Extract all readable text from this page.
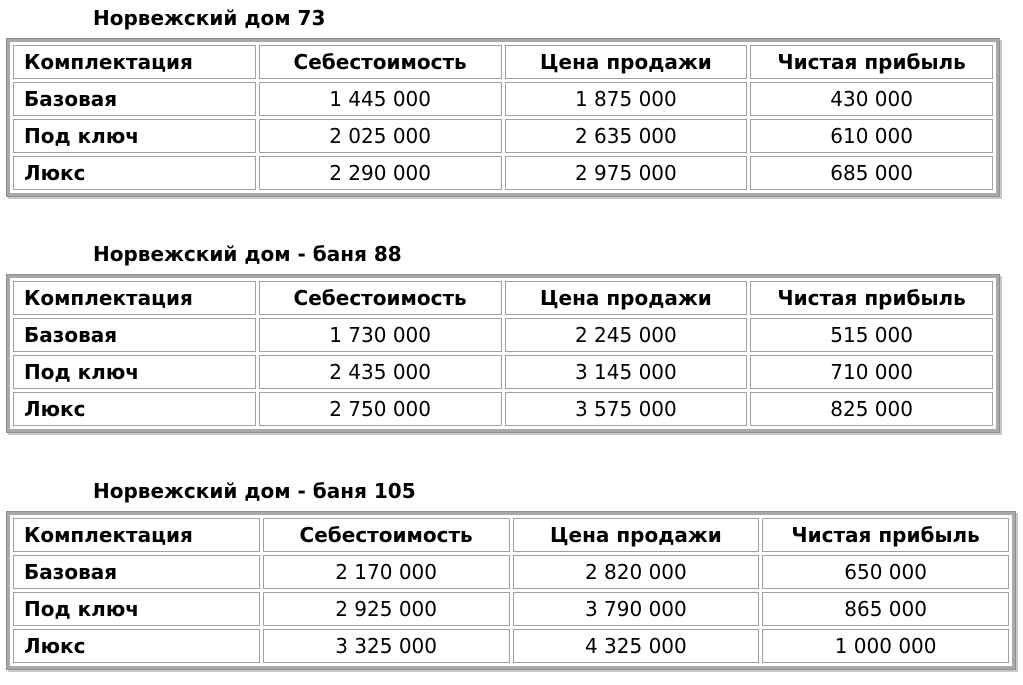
Норвежский дом 73
Комплектация	Себестоимость	Цена продажи	Чистая прибыль
Базовая	1 445 000	1 875 000	430 000
Под ключ	2 025 000	2 635 000	610 000
Люкс	2 290 000	2 975 000	685 000
Норвежский дом - баня 88
Комплектация	Себестоимость	Цена продажи	Чистая прибыль
Базовая	1 730 000	2 245 000	515 000
Под ключ	2 435 000	3 145 000	710 000
Люкс	2 750 000	3 575 000	825 000
Норвежский дом - баня 105
Комплектация	Себестоимость	Цена продажи	Чистая прибыль
Базовая	2 170 000	2 820 000	650 000
Под ключ	2 925 000	3 790 000	865 000
Люкс	3 325 000	4 325 000	1 000 000
